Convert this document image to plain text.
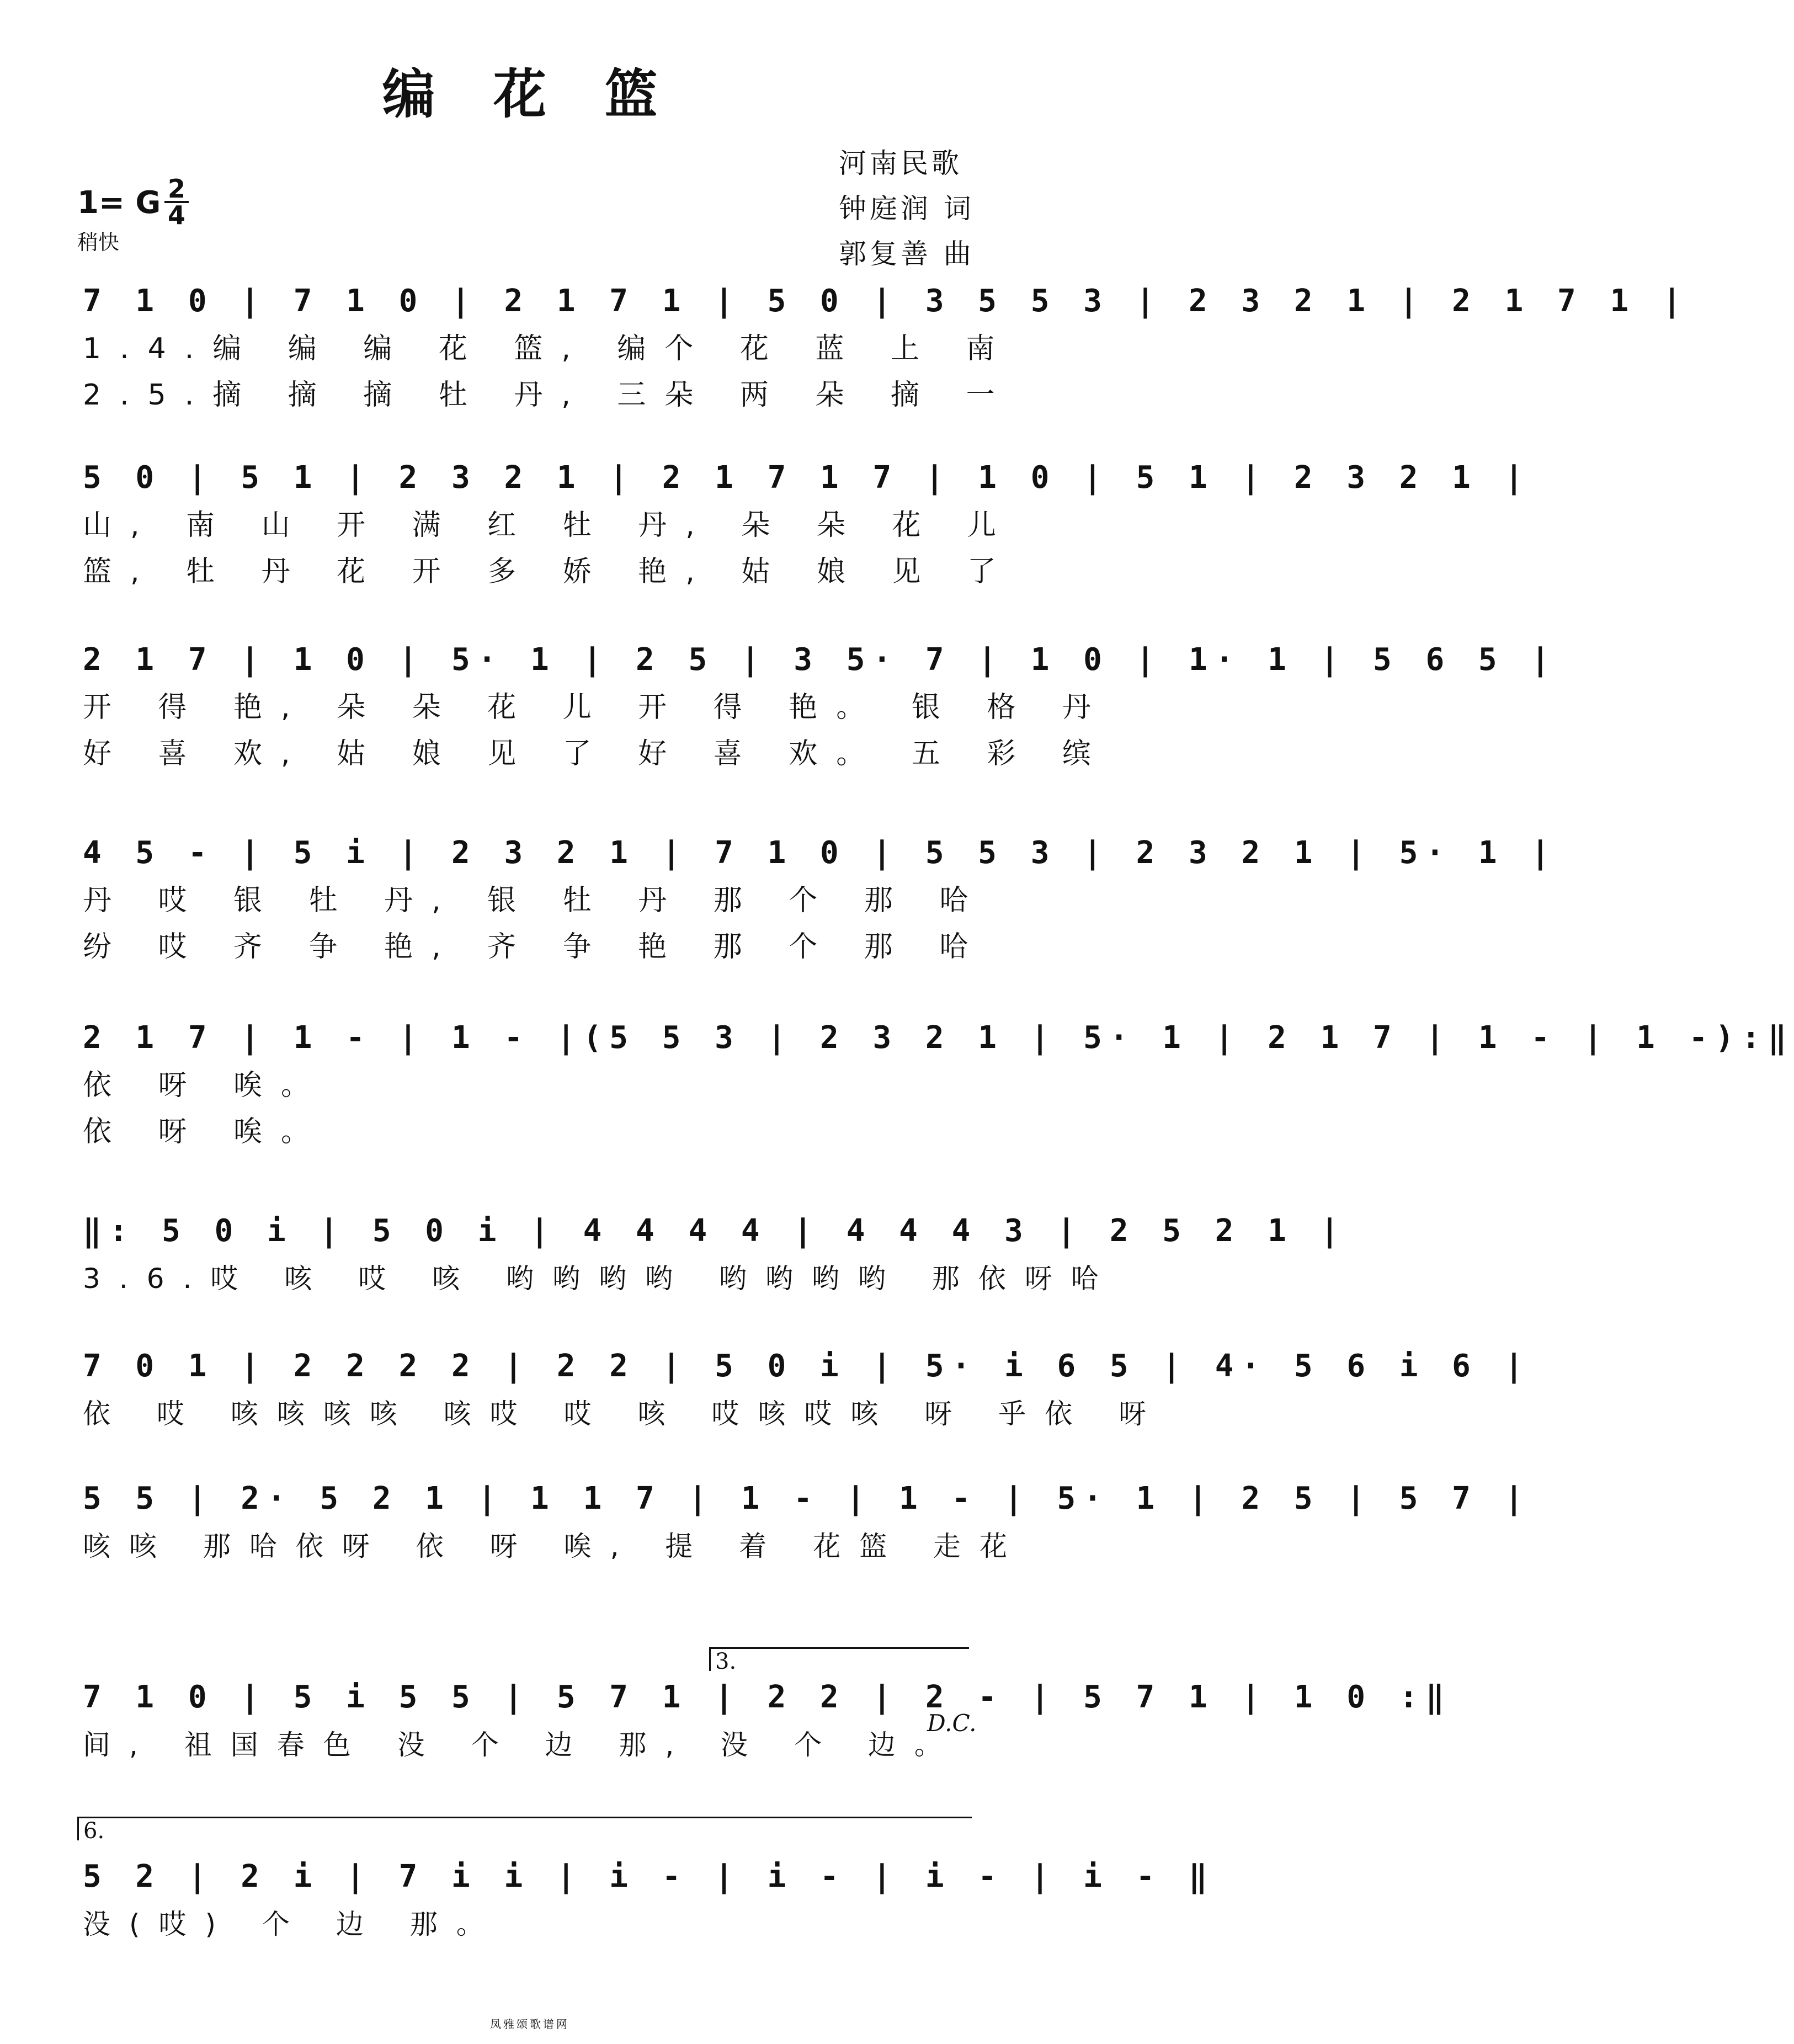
编 花 篮
河南民歌
钟庭润 词
郭复善 曲
1= G 2
4
稍快
7 1 0 | 7 1 0 | 2 1 7 1 | 5 0 | 3 5 5 3 | 2 3 2 1 | 2 1 7 1 |
1.4.编 编 编 花 篮, 编个 花 蓝 上 南
2.5.摘 摘 摘 牡 丹, 三朵 两 朵 摘 一
5 0 | 5 1 | 2 3 2 1 | 2 1 7 1 7 | 1 0 | 5 1 | 2 3 2 1 |
山, 南 山 开 满 红 牡 丹, 朵 朵 花 儿
篮, 牡 丹 花 开 多 娇 艳, 姑 娘 见 了
2 1 7 | 1 0 | 5· 1 | 2 5 | 3 5· 7 | 1 0 | 1· 1 | 5 6 5 |
开 得 艳, 朵 朵 花 儿 开 得 艳。 银 格 丹
好 喜 欢, 姑 娘 见 了 好 喜 欢。 五 彩 缤
4 5 - | 5 i | 2 3 2 1 | 7 1 0 | 5 5 3 | 2 3 2 1 | 5· 1 |
丹 哎 银 牡 丹, 银 牡 丹 那 个 那 哈
纷 哎 齐 争 艳, 齐 争 艳 那 个 那 哈
2 1 7 | 1 - | 1 - |(5 5 3 | 2 3 2 1 | 5· 1 | 2 1 7 | 1 - | 1 -):‖
依 呀 唉。
依 呀 唉。
‖: 5 0 i | 5 0 i | 4 4 4 4 | 4 4 4 3 | 2 5 2 1 |
3.6.哎 咳 哎 咳 哟哟哟哟 哟哟哟哟 那依呀哈
7 0 1 | 2 2 2 2 | 2 2 | 5 0 i | 5· i 6 5 | 4· 5 6 i 6 |
依 哎 咳咳咳咳 咳哎 哎 咳 哎咳哎咳 呀 乎依 呀
5 5 | 2· 5 2 1 | 1 1 7 | 1 - | 1 - | 5· 1 | 2 5 | 5 7 |
咳咳 那哈依呀 依 呀 唉, 提 着 花篮 走花
3.
7 1 0 | 5 i 5 5 | 5 7 1 | 2 2 | 2 - | 5 7 1 | 1 0 :‖
间, 祖国春色 没 个 边 那, 没 个 边。
D.C.
6.
5 2 | 2 i | 7 i i | i - | i - | i - | i - ‖
没(哎) 个 边 那。
凤雅颂歌谱网
